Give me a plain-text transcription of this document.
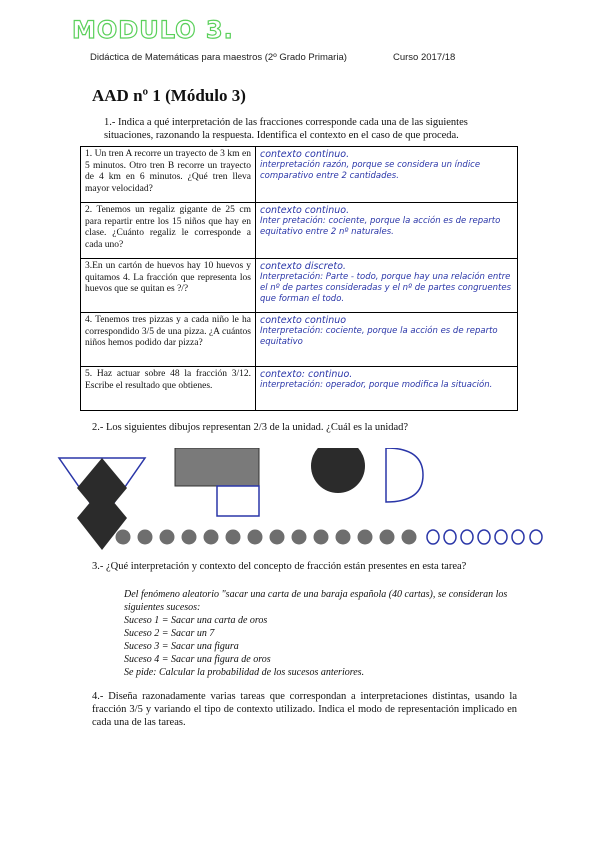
MODULO 3.
Didáctica de Matemáticas para maestros (2º Grado Primaria)	Curso 2017/18
AAD nº 1 (Módulo 3)
1.- Indica a qué interpretación de las fracciones corresponde cada una de las siguientes situaciones, razonando la respuesta. Identifica el contexto en el caso de que proceda.
1. Un tren A recorre un trayecto de 3 km en 5 minutos. Otro tren B recorre un trayecto de 4 km en 6 minutos. ¿Qué tren lleva mayor velocidad?	contexto continuo.
interpretación razón, porque se considera un índice comparativo entre 2 cantidades.

2. Tenemos un regaliz gigante de 25 cm para repartir entre los 15 niños que hay en clase. ¿Cuánto regaliz le corresponde a cada uno?	contexto continuo.
Inter pretación: cociente, porque la acción es de reparto equitativo entre 2 nº naturales.

3.En un cartón de huevos hay 10 huevos y quitamos 4. La fracción que representa los huevos que se quitan es ?/?	contexto discreto.
Interpretación: Parte - todo, porque hay una relación entre el nº de partes consideradas y el nº de partes congruentes que forman el todo.

4. Tenemos tres pizzas y a cada niño le ha correspondido 3/5 de una pizza. ¿A cuántos niños hemos podido dar pizza?	contexto continuo
Interpretación: cociente, porque la acción es de reparto equitativo

5. Haz actuar sobre 48 la fracción 3/12. Escribe el resultado que obtienes.	contexto: continuo.
interpretación: operador, porque modifica la situación.
2.- Los siguientes dibujos representan 2/3 de la unidad. ¿Cuál es la unidad?
3.- ¿Qué interpretación y contexto del concepto de fracción están presentes en esta tarea?
Del fenómeno aleatorio "sacar una carta de una baraja española (40 cartas), se consideran los siguientes sucesos:
Suceso 1 = Sacar una carta de oros
Suceso 2 = Sacar un 7
Suceso 3 = Sacar una figura
Suceso 4 = Sacar una figura de oros
Se pide: Calcular la probabilidad de los sucesos anteriores.
4.- Diseña razonadamente varias tareas que correspondan a interpretaciones distintas, usando la fracción 3/5 y variando el tipo de contexto utilizado. Indica el modo de representación implicado en cada una de las tareas.
